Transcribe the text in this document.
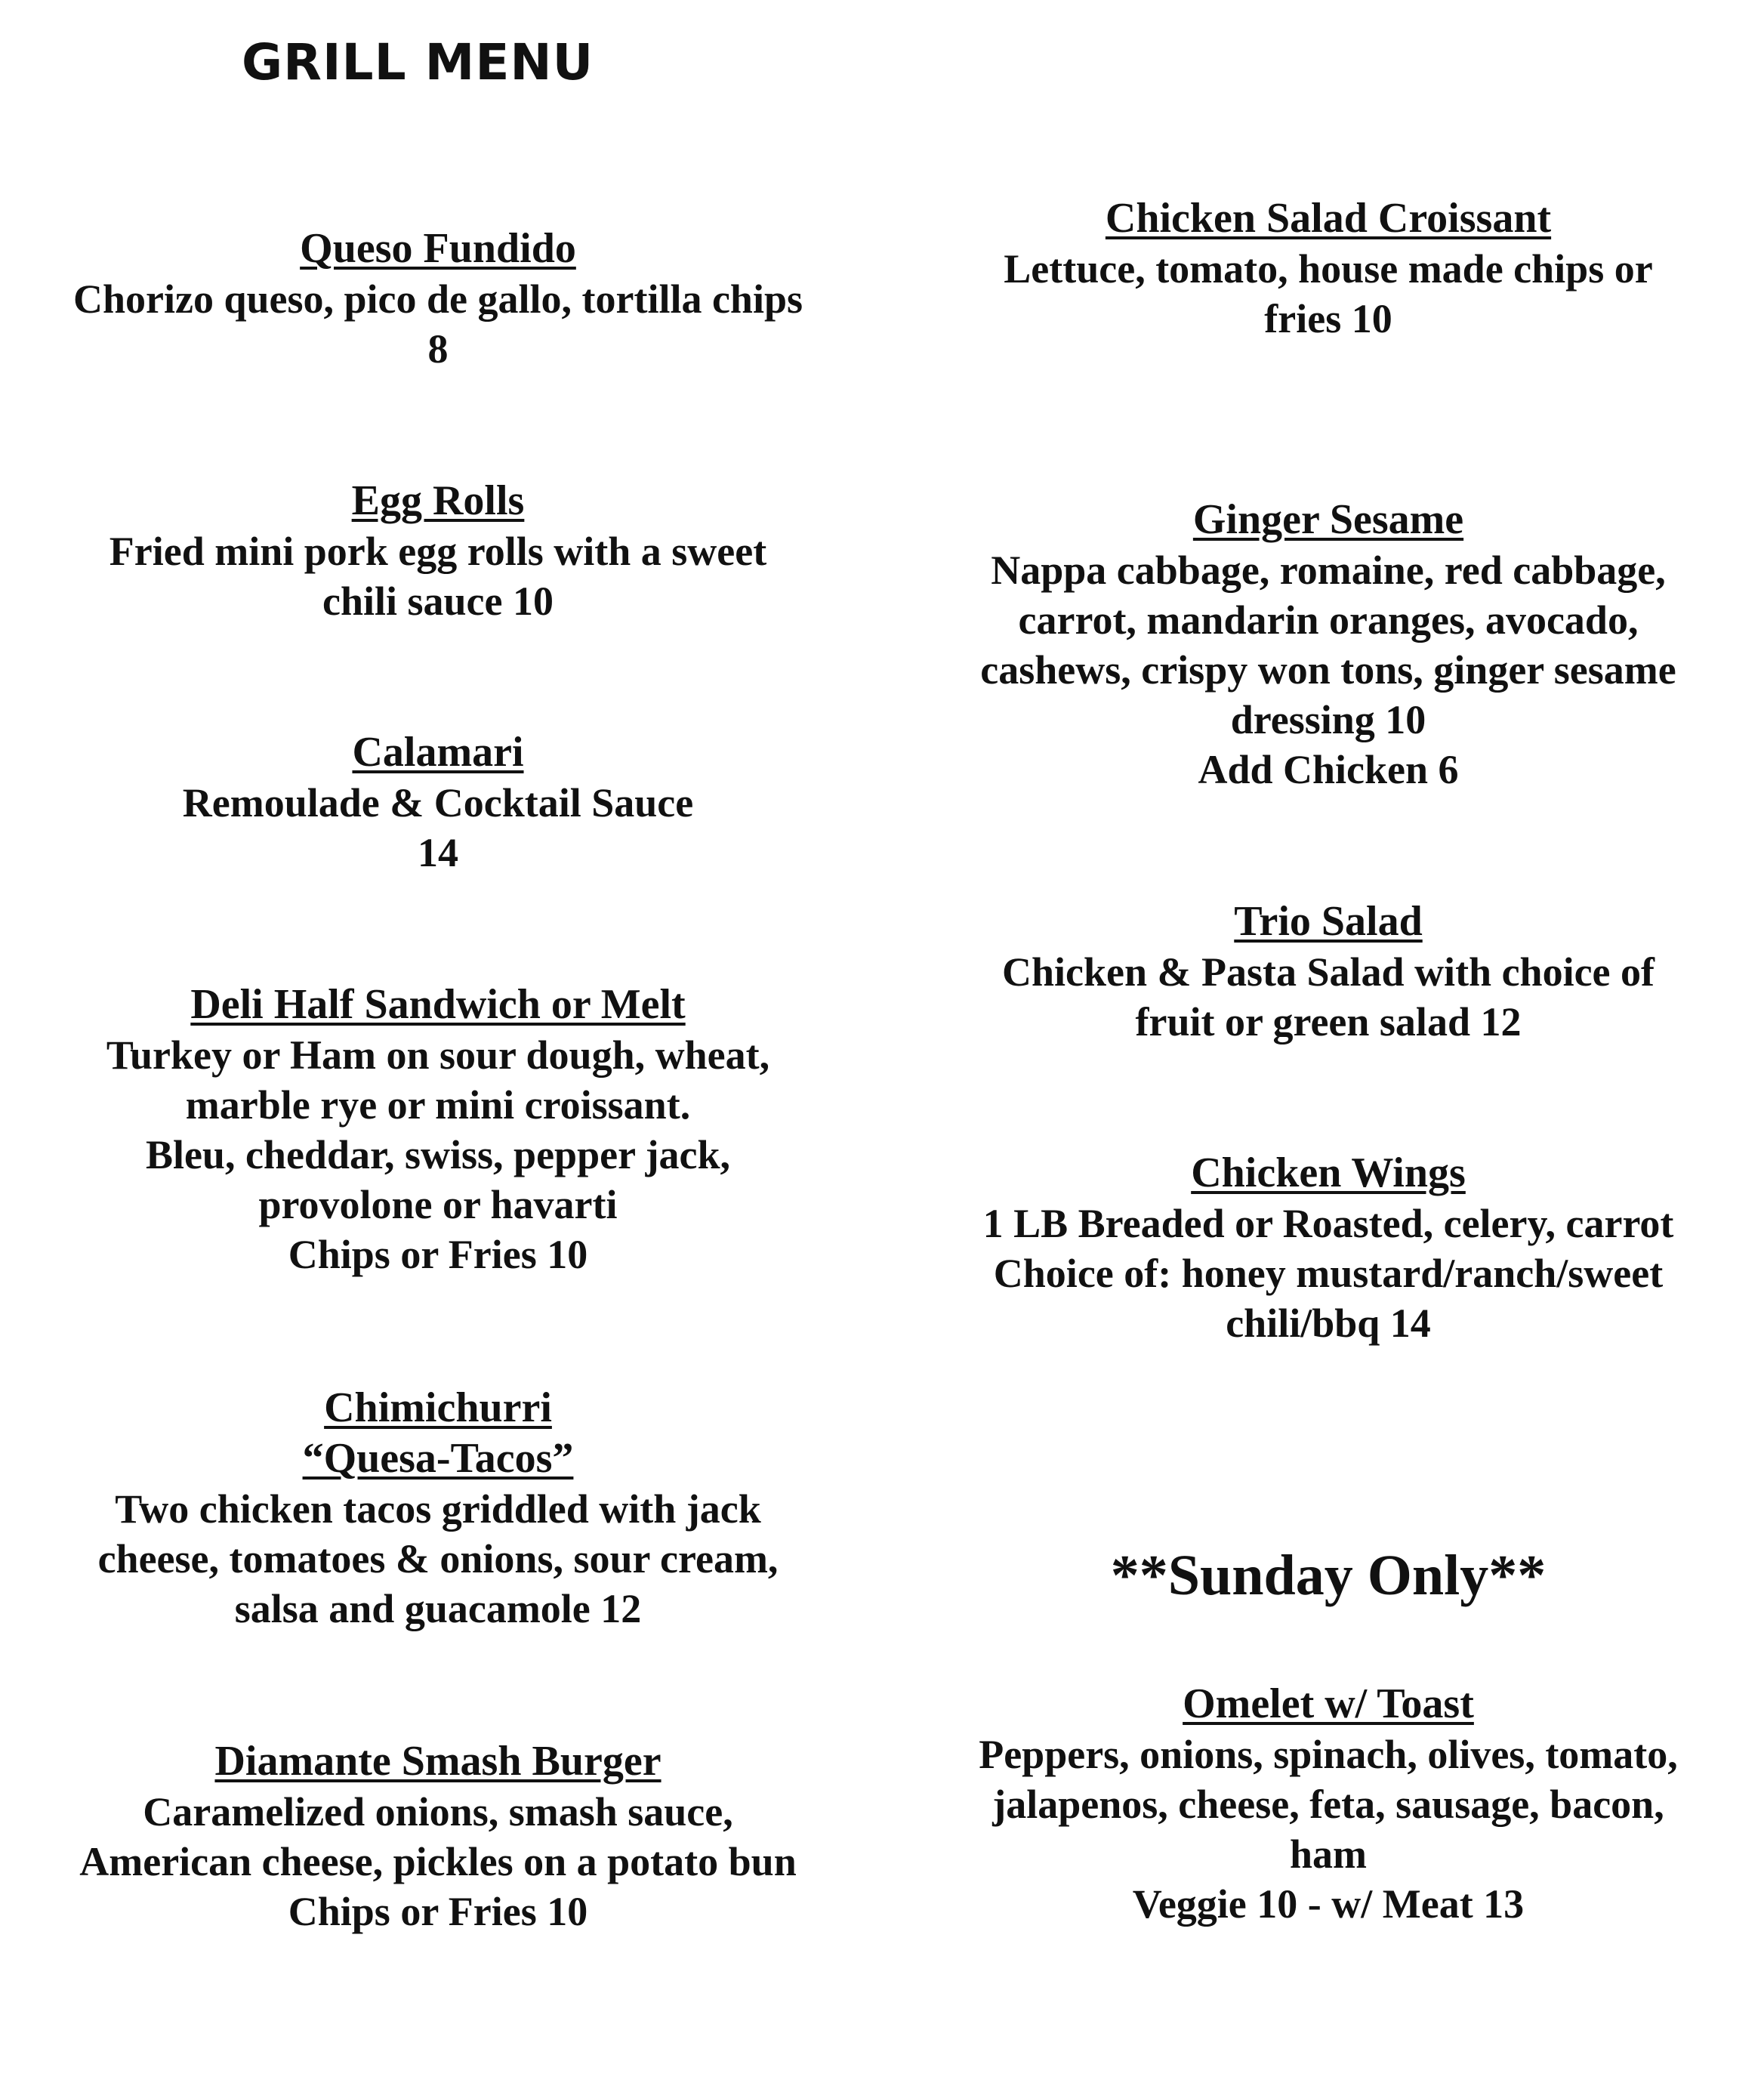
GRILL MENU
Queso Fundido
Chorizo queso, pico de gallo, tortilla chips
8
Egg Rolls
Fried mini pork egg rolls with a sweet
chili sauce 10
Calamari
Remoulade & Cocktail Sauce
14
Deli Half Sandwich or Melt
Turkey or Ham on sour dough, wheat,
marble rye or mini croissant.
Bleu, cheddar, swiss, pepper jack,
provolone or havarti
Chips or Fries 10
Chimichurri
“Quesa-Tacos”
Two chicken tacos griddled with jack
cheese, tomatoes & onions, sour cream,
salsa and guacamole 12
Diamante Smash Burger
Caramelized onions, smash sauce,
American cheese, pickles on a potato bun
Chips or Fries 10
Chicken Salad Croissant
Lettuce, tomato, house made chips or
fries 10
Ginger Sesame
Nappa cabbage, romaine, red cabbage,
carrot, mandarin oranges, avocado,
cashews, crispy won tons, ginger sesame
dressing 10
Add Chicken 6
Trio Salad
Chicken & Pasta Salad with choice of
fruit or green salad 12
Chicken Wings
1 LB Breaded or Roasted, celery, carrot
Choice of: honey mustard/ranch/sweet
chili/bbq 14
**Sunday Only**
Omelet w/ Toast
Peppers, onions, spinach, olives, tomato,
jalapenos, cheese, feta, sausage, bacon,
ham
Veggie 10 - w/ Meat 13
